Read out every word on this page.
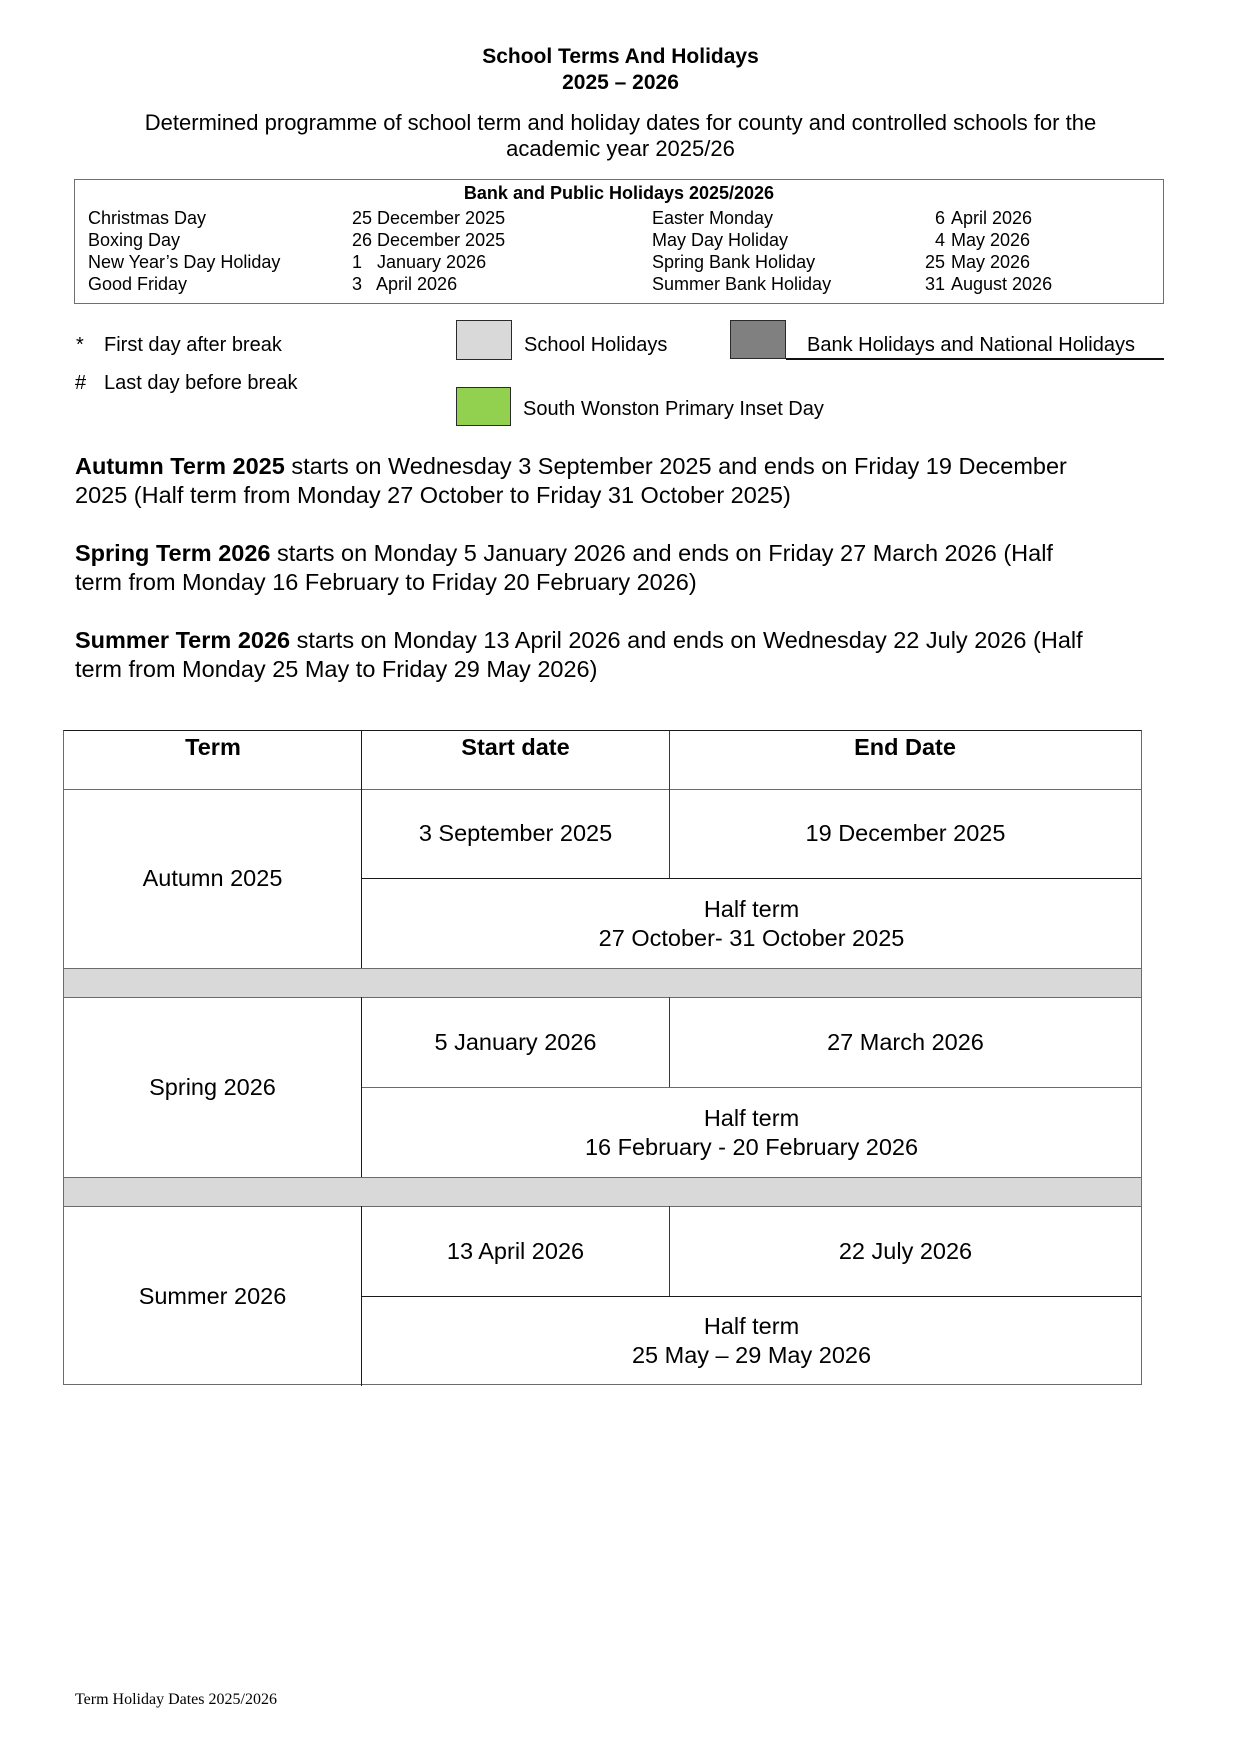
School Terms And Holidays
2025 – 2026
Determined programme of school term and holiday dates for county and controlled schools for the
academic year 2025/26
Bank and Public Holidays 2025/2026
Christmas Day	25 December 2025	Easter Monday	6 April 2026
Boxing Day	26 December 2025	May Day Holiday	4 May 2026
New Year’s Day Holiday	1   January 2026	Spring Bank Holiday	25 May 2026
Good Friday	3   April 2026	Summer Bank Holiday	31 August 2026
* First day after break
# Last day before break
School Holidays	Bank Holidays and National Holidays
South Wonston Primary Inset Day
Autumn Term 2025 starts on Wednesday 3 September 2025 and ends on Friday 19 December
2025 (Half term from Monday 27 October to Friday 31 October 2025)
Spring Term 2026 starts on Monday 5 January 2026 and ends on Friday 27 March 2026 (Half
term from Monday 16 February to Friday 20 February 2026)
Summer Term 2026 starts on Monday 13 April 2026 and ends on Wednesday 22 July 2026 (Half
term from Monday 25 May to Friday 29 May 2026)
Term	Start date	End Date
Autumn 2025
3 September 2025	19 December 2025
Half term
27 October- 31 October 2025
Spring 2026
5 January 2026	27 March 2026
Half term
16 February - 20 February 2026
Summer 2026
13 April 2026	22 July 2026
Half term
25 May – 29 May 2026
Term Holiday Dates 2025/2026
